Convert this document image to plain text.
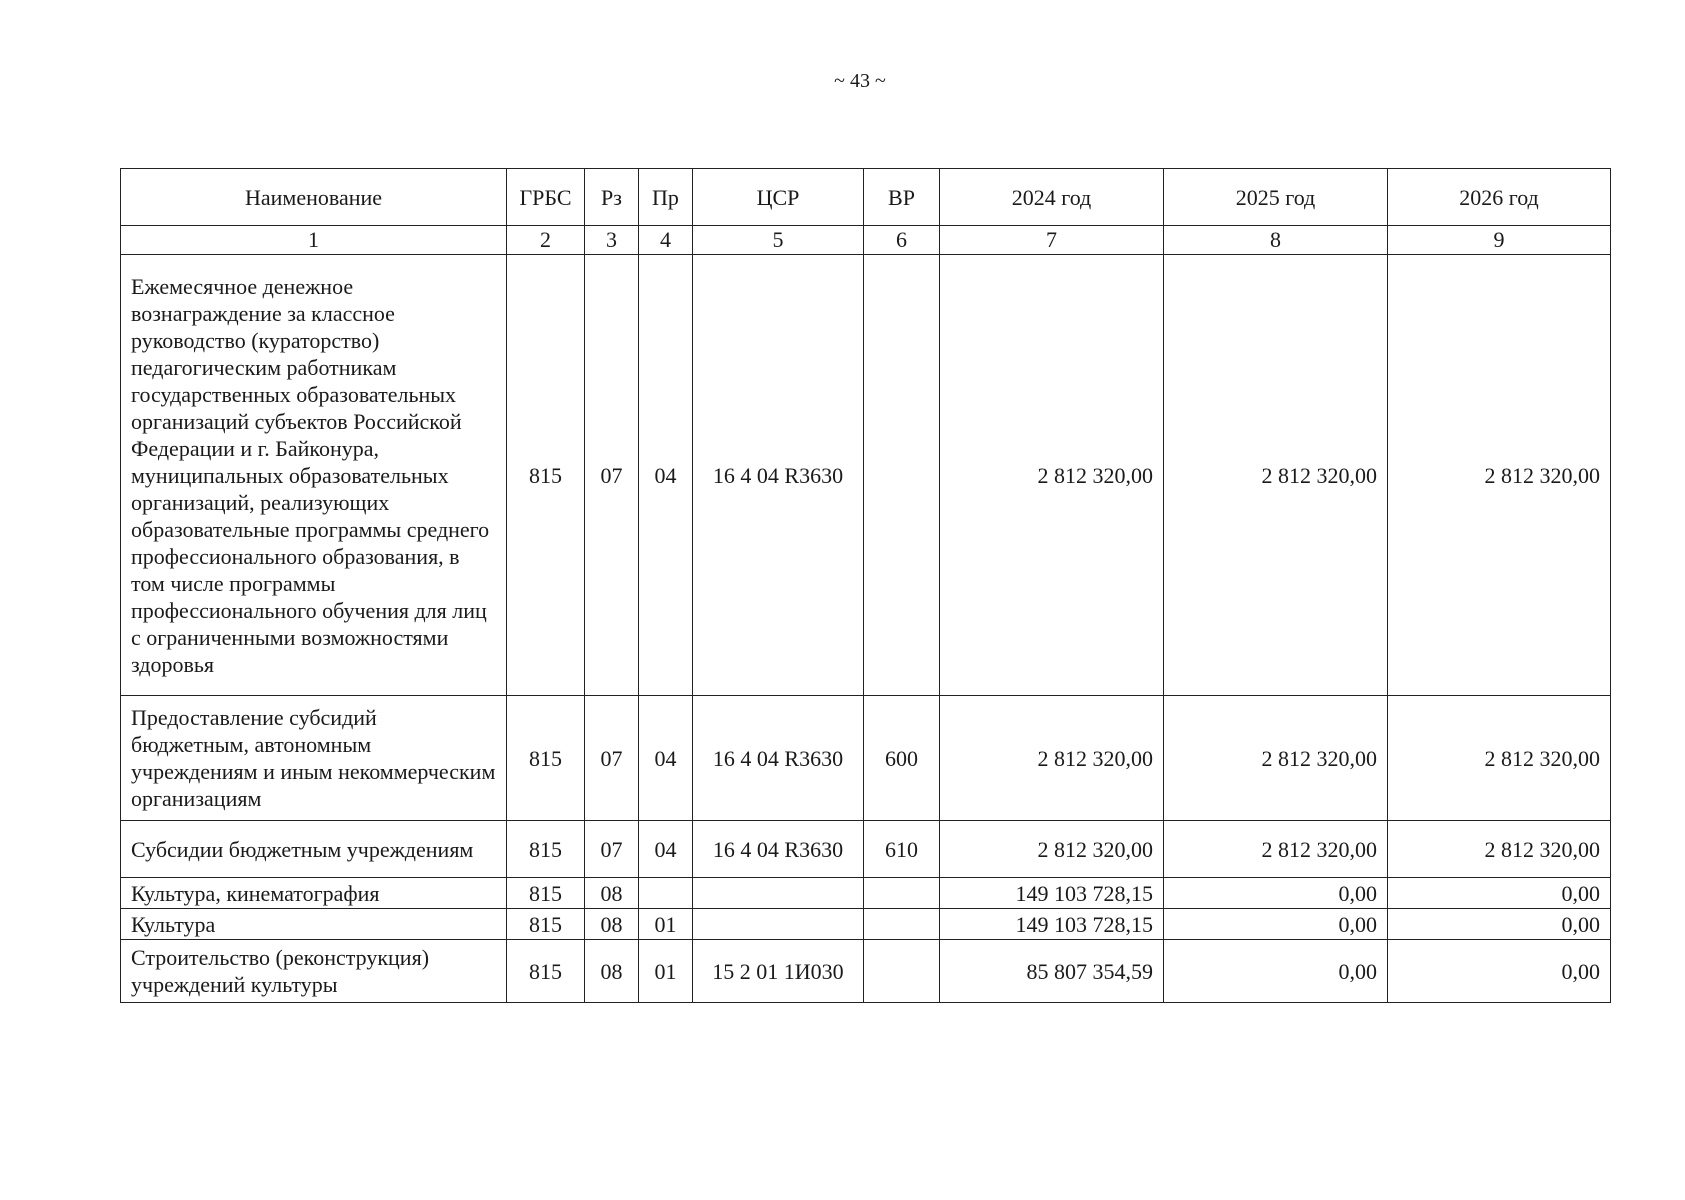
~ 43 ~
Наименование	ГРБС	Рз	Пр	ЦСР	ВР	2024 год	2025 год	2026 год
1	2	3	4	5	6	7	8	9
Ежемесячное денежное вознаграждение за классное руководство (кураторство) педагогическим работникам государственных образовательных организаций субъектов Российской Федерации и г. Байконура, муниципальных образовательных организаций, реализующих образовательные программы среднего профессионального образования, в том числе программы профессионального обучения для лиц с ограниченными возможностями здоровья	815	07	04	16 4 04 R3630		2 812 320,00	2 812 320,00	2 812 320,00
Предоставление субсидий бюджетным, автономным учреждениям и иным некоммерческим организациям	815	07	04	16 4 04 R3630	600	2 812 320,00	2 812 320,00	2 812 320,00
Субсидии бюджетным учреждениям	815	07	04	16 4 04 R3630	610	2 812 320,00	2 812 320,00	2 812 320,00
Культура, кинематография	815	08				149 103 728,15	0,00	0,00
Культура	815	08	01			149 103 728,15	0,00	0,00
Строительство (реконструкция) учреждений культуры	815	08	01	15 2 01 1И030		85 807 354,59	0,00	0,00
